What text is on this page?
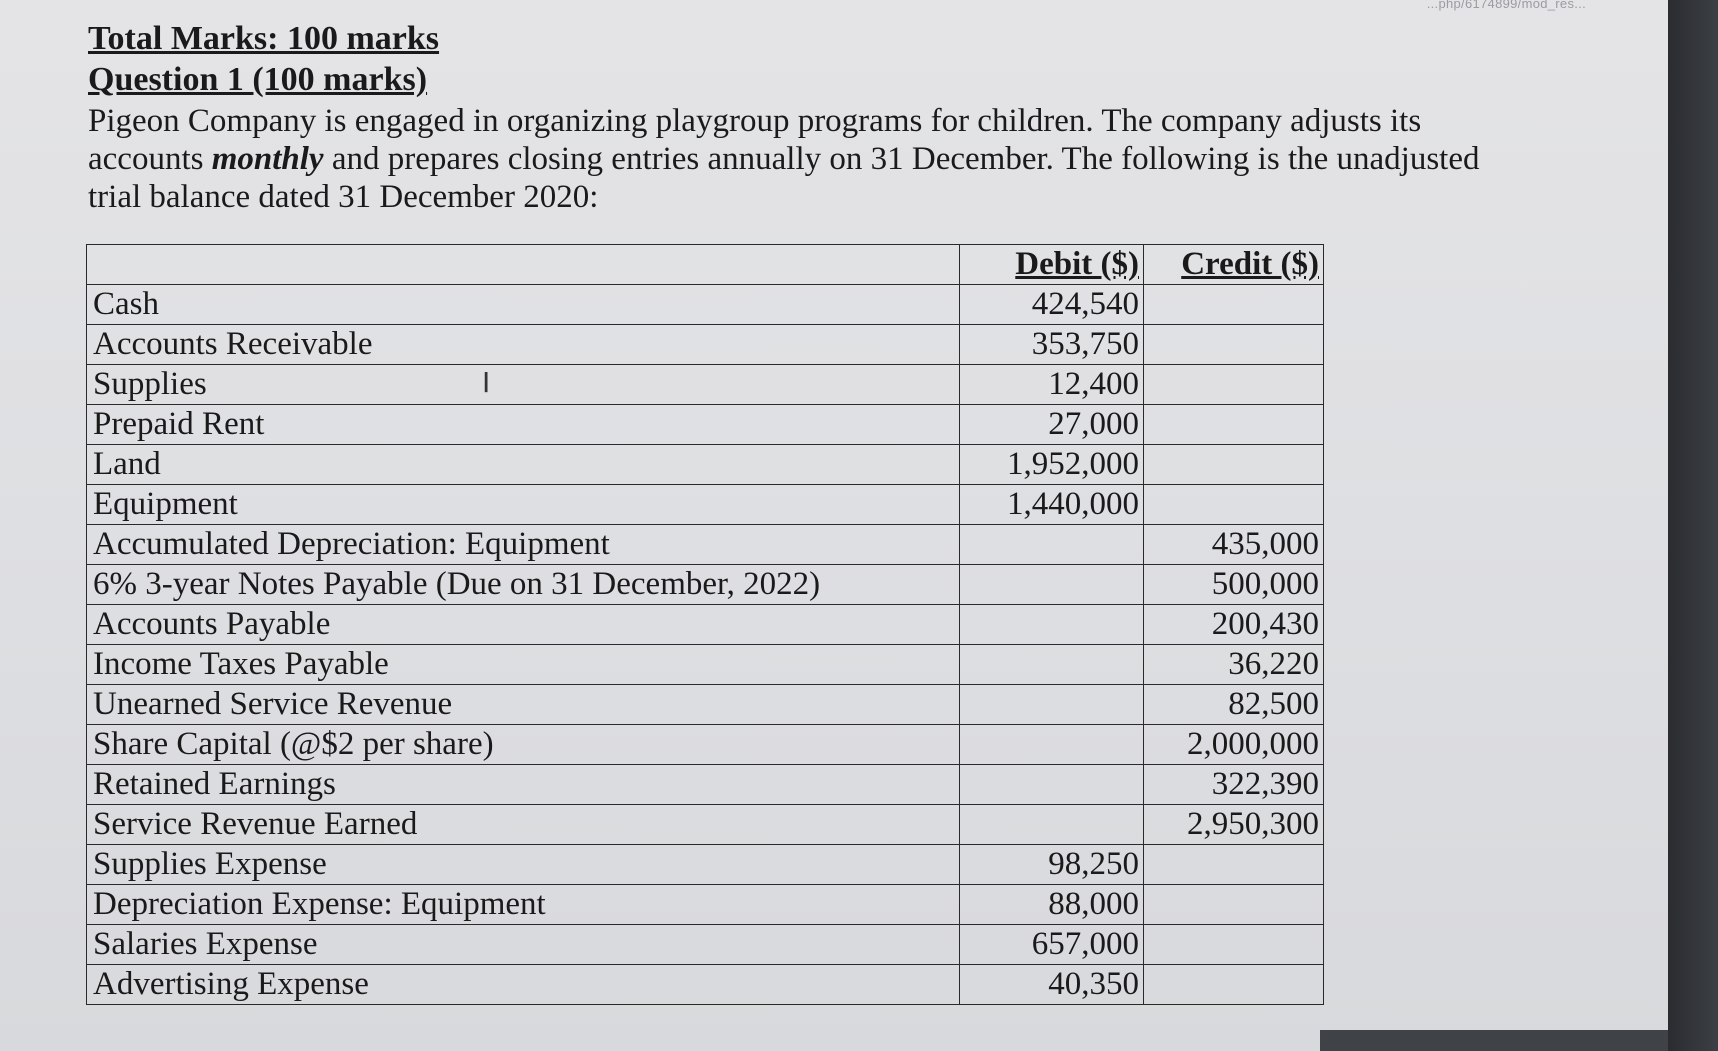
...php/6174899/mod_res...

Total Marks: 100 marks

Question 1 (100 marks)

Pigeon Company is engaged in organizing playgroup programs for children. The company adjusts its accounts monthly and prepares closing entries annually on 31 December. The following is the unadjusted trial balance dated 31 December 2020:

	Debit ($)	Credit ($)
Cash	424,540	
Accounts Receivable	353,750	
Supplies	12,400	
Prepaid Rent	27,000	
Land	1,952,000	
Equipment	1,440,000	
Accumulated Depreciation: Equipment		435,000
6% 3-year Notes Payable (Due on 31 December, 2022)		500,000
Accounts Payable		200,430
Income Taxes Payable		36,220
Unearned Service Revenue		82,500
Share Capital (@$2 per share)		2,000,000
Retained Earnings		322,390
Service Revenue Earned		2,950,300
Supplies Expense	98,250	
Depreciation Expense: Equipment	88,000	
Salaries Expense	657,000	
Advertising Expense	40,350	
I
